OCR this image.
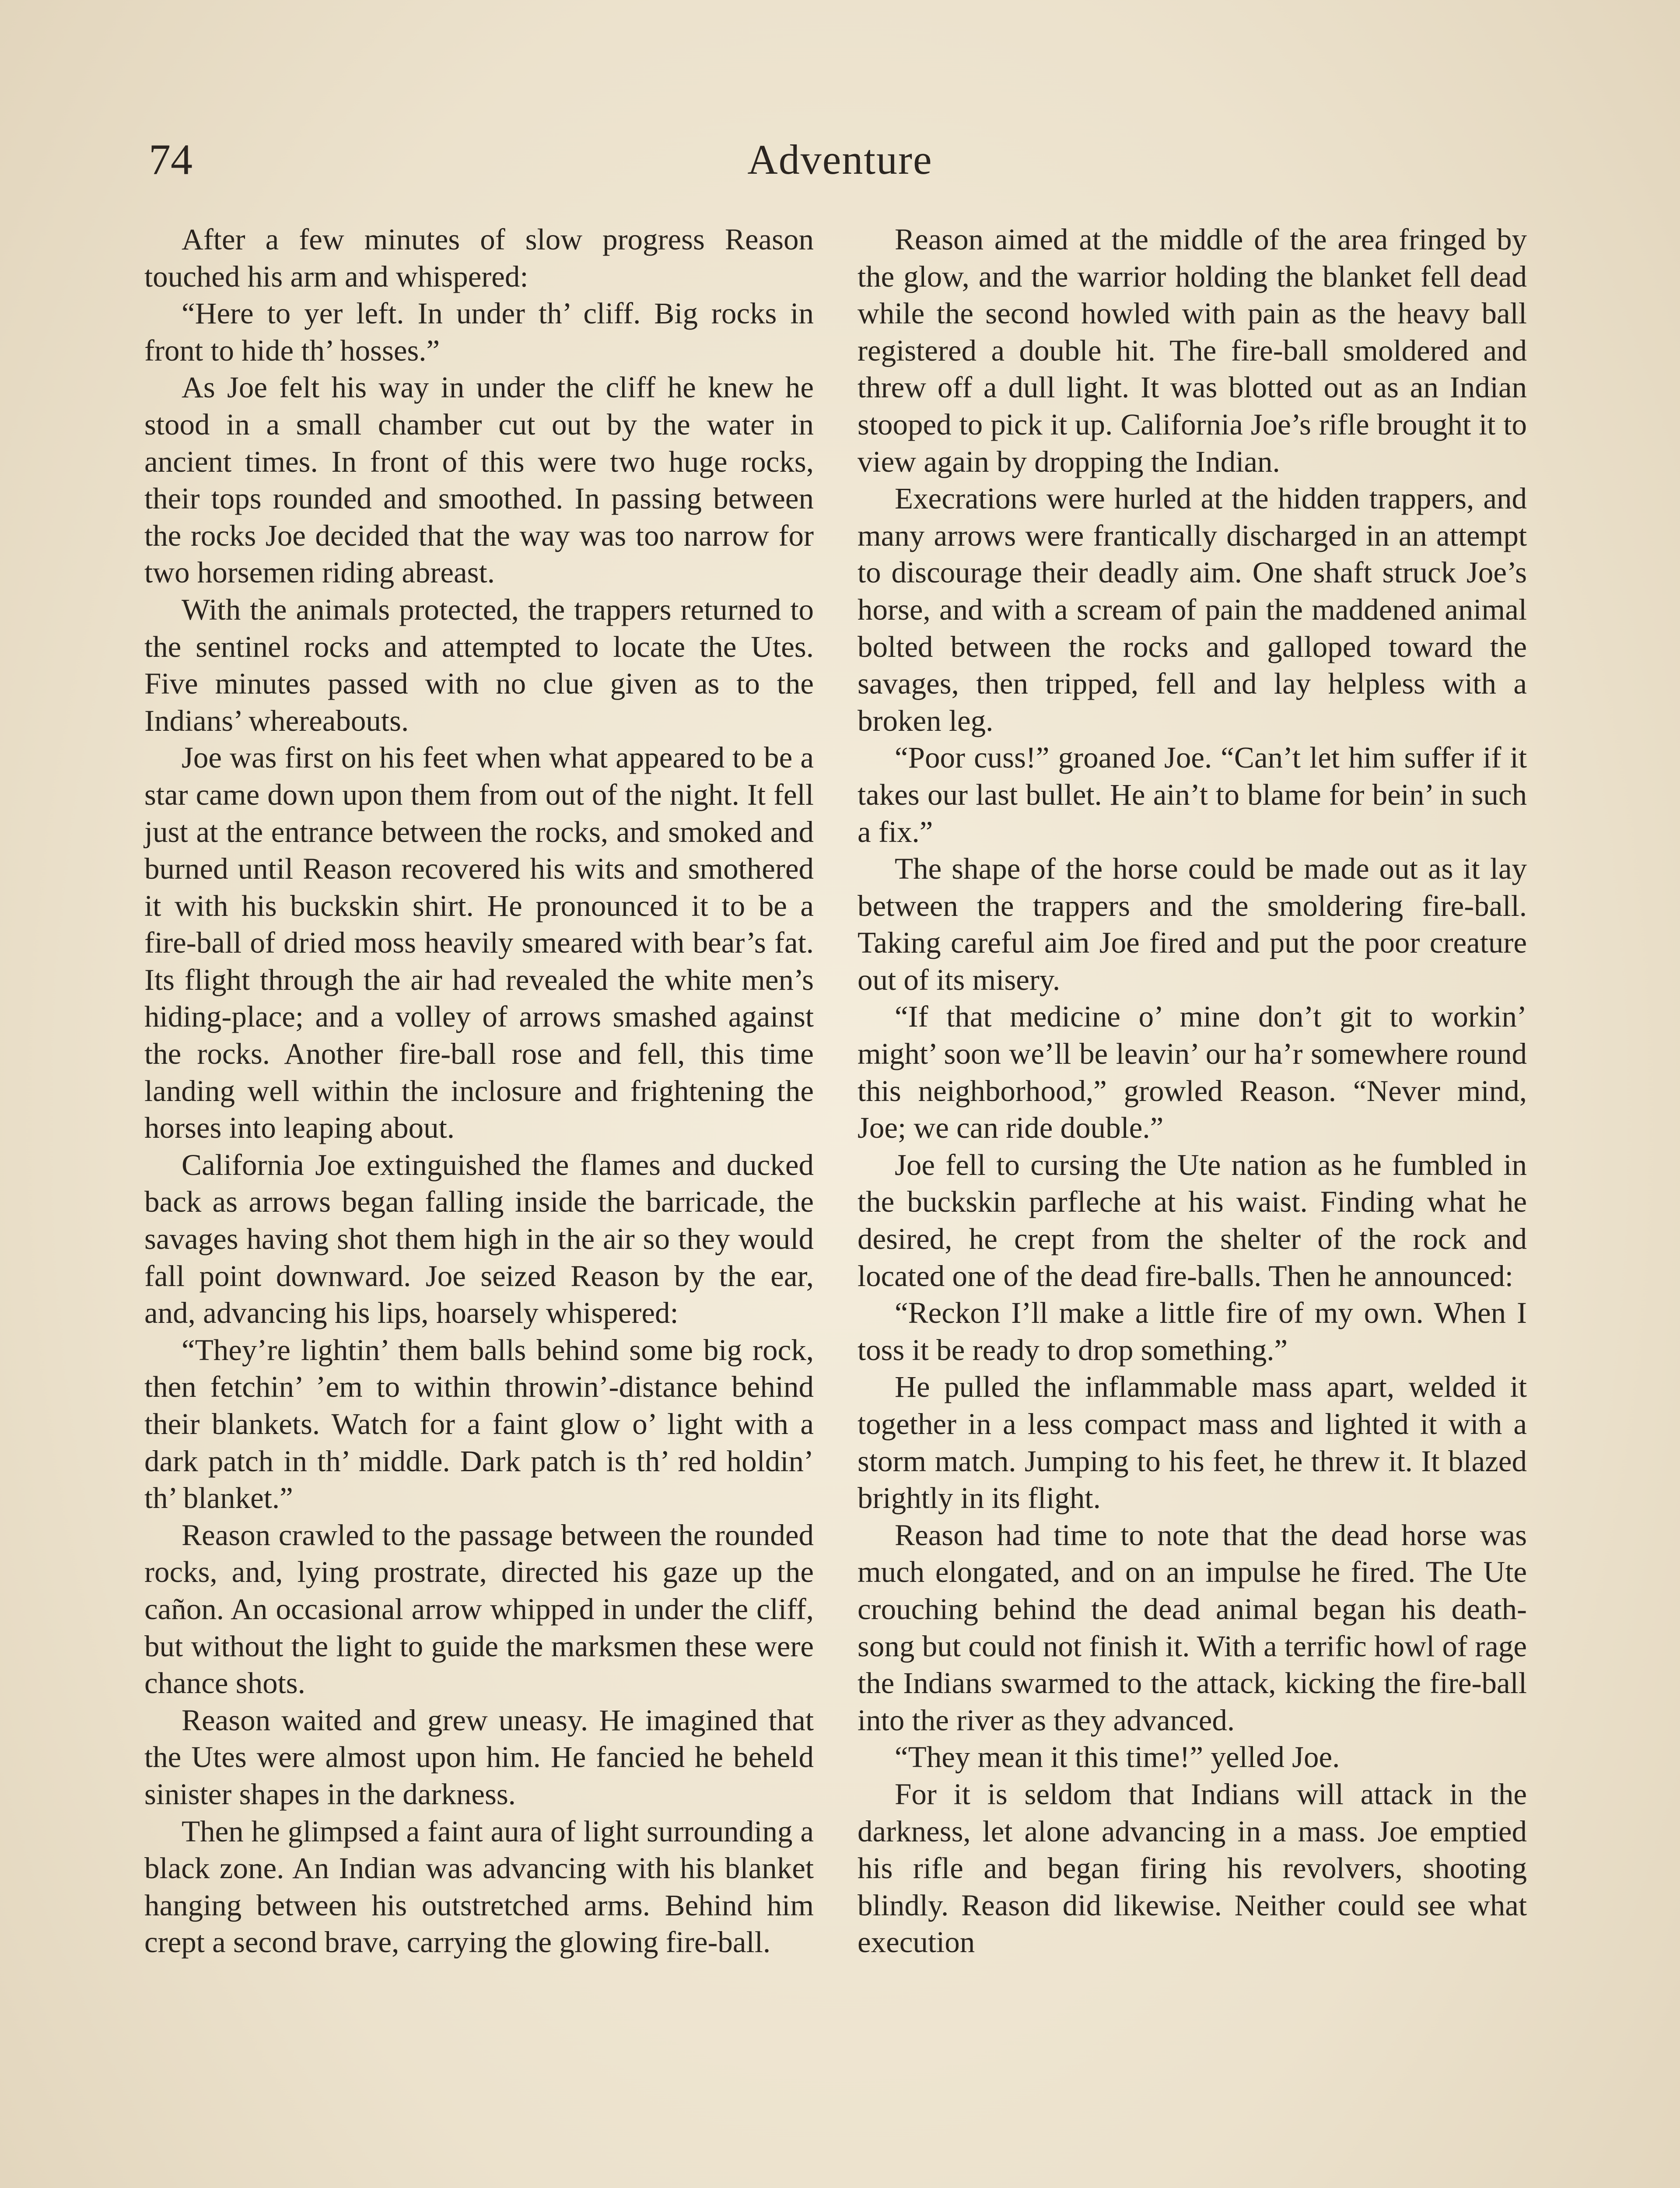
74	Adventure

After a few minutes of slow progress Reason touched his arm and whispered:

“Here to yer left. In under th’ cliff. Big rocks in front to hide th’ hosses.”

As Joe felt his way in under the cliff he knew he stood in a small chamber cut out by the water in ancient times. In front of this were two huge rocks, their tops rounded and smoothed. In passing between the rocks Joe decided that the way was too narrow for two horsemen riding abreast.

With the animals protected, the trappers returned to the sentinel rocks and attempted to locate the Utes. Five minutes passed with no clue given as to the Indians’ whereabouts.

Joe was first on his feet when what appeared to be a star came down upon them from out of the night. It fell just at the entrance between the rocks, and smoked and burned until Reason recovered his wits and smothered it with his buckskin shirt. He pronounced it to be a fire-ball of dried moss heavily smeared with bear’s fat. Its flight through the air had revealed the white men’s hiding-place; and a volley of arrows smashed against the rocks. Another fire-ball rose and fell, this time landing well within the inclosure and frightening the horses into leaping about.

California Joe extinguished the flames and ducked back as arrows began falling inside the barricade, the savages having shot them high in the air so they would fall point downward. Joe seized Reason by the ear, and, advancing his lips, hoarsely whispered:

“They’re lightin’ them balls behind some big rock, then fetchin’ ’em to within throwin’-distance behind their blankets. Watch for a faint glow o’ light with a dark patch in th’ middle. Dark patch is th’ red holdin’ th’ blanket.”

Reason crawled to the passage between the rounded rocks, and, lying prostrate, directed his gaze up the cañon. An occasional arrow whipped in under the cliff, but without the light to guide the marksmen these were chance shots.

Reason waited and grew uneasy. He imagined that the Utes were almost upon him. He fancied he beheld sinister shapes in the darkness.

Then he glimpsed a faint aura of light surrounding a black zone. An Indian was advancing with his blanket hanging between his outstretched arms. Behind him crept a second brave, carrying the glowing fire-ball.

Reason aimed at the middle of the area fringed by the glow, and the warrior holding the blanket fell dead while the second howled with pain as the heavy ball registered a double hit. The fire-ball smoldered and threw off a dull light. It was blotted out as an Indian stooped to pick it up. California Joe’s rifle brought it to view again by dropping the Indian.

Execrations were hurled at the hidden trappers, and many arrows were frantically discharged in an attempt to discourage their deadly aim. One shaft struck Joe’s horse, and with a scream of pain the maddened animal bolted between the rocks and galloped toward the savages, then tripped, fell and lay helpless with a broken leg.

“Poor cuss!” groaned Joe. “Can’t let him suffer if it takes our last bullet. He ain’t to blame for bein’ in such a fix.”

The shape of the horse could be made out as it lay between the trappers and the smoldering fire-ball. Taking careful aim Joe fired and put the poor creature out of its misery.

“If that medicine o’ mine don’t git to workin’ might’ soon we’ll be leavin’ our ha’r somewhere round this neighborhood,” growled Reason. “Never mind, Joe; we can ride double.”

Joe fell to cursing the Ute nation as he fumbled in the buckskin parfleche at his waist. Finding what he desired, he crept from the shelter of the rock and located one of the dead fire-balls. Then he announced:

“Reckon I’ll make a little fire of my own. When I toss it be ready to drop something.”

He pulled the inflammable mass apart, welded it together in a less compact mass and lighted it with a storm match. Jumping to his feet, he threw it. It blazed brightly in its flight.

Reason had time to note that the dead horse was much elongated, and on an impulse he fired. The Ute crouching behind the dead animal began his death-song but could not finish it. With a terrific howl of rage the Indians swarmed to the attack, kicking the fire-ball into the river as they advanced.

“They mean it this time!” yelled Joe.

For it is seldom that Indians will attack in the darkness, let alone advancing in a mass. Joe emptied his rifle and began firing his revolvers, shooting blindly. Reason did likewise. Neither could see what execution
